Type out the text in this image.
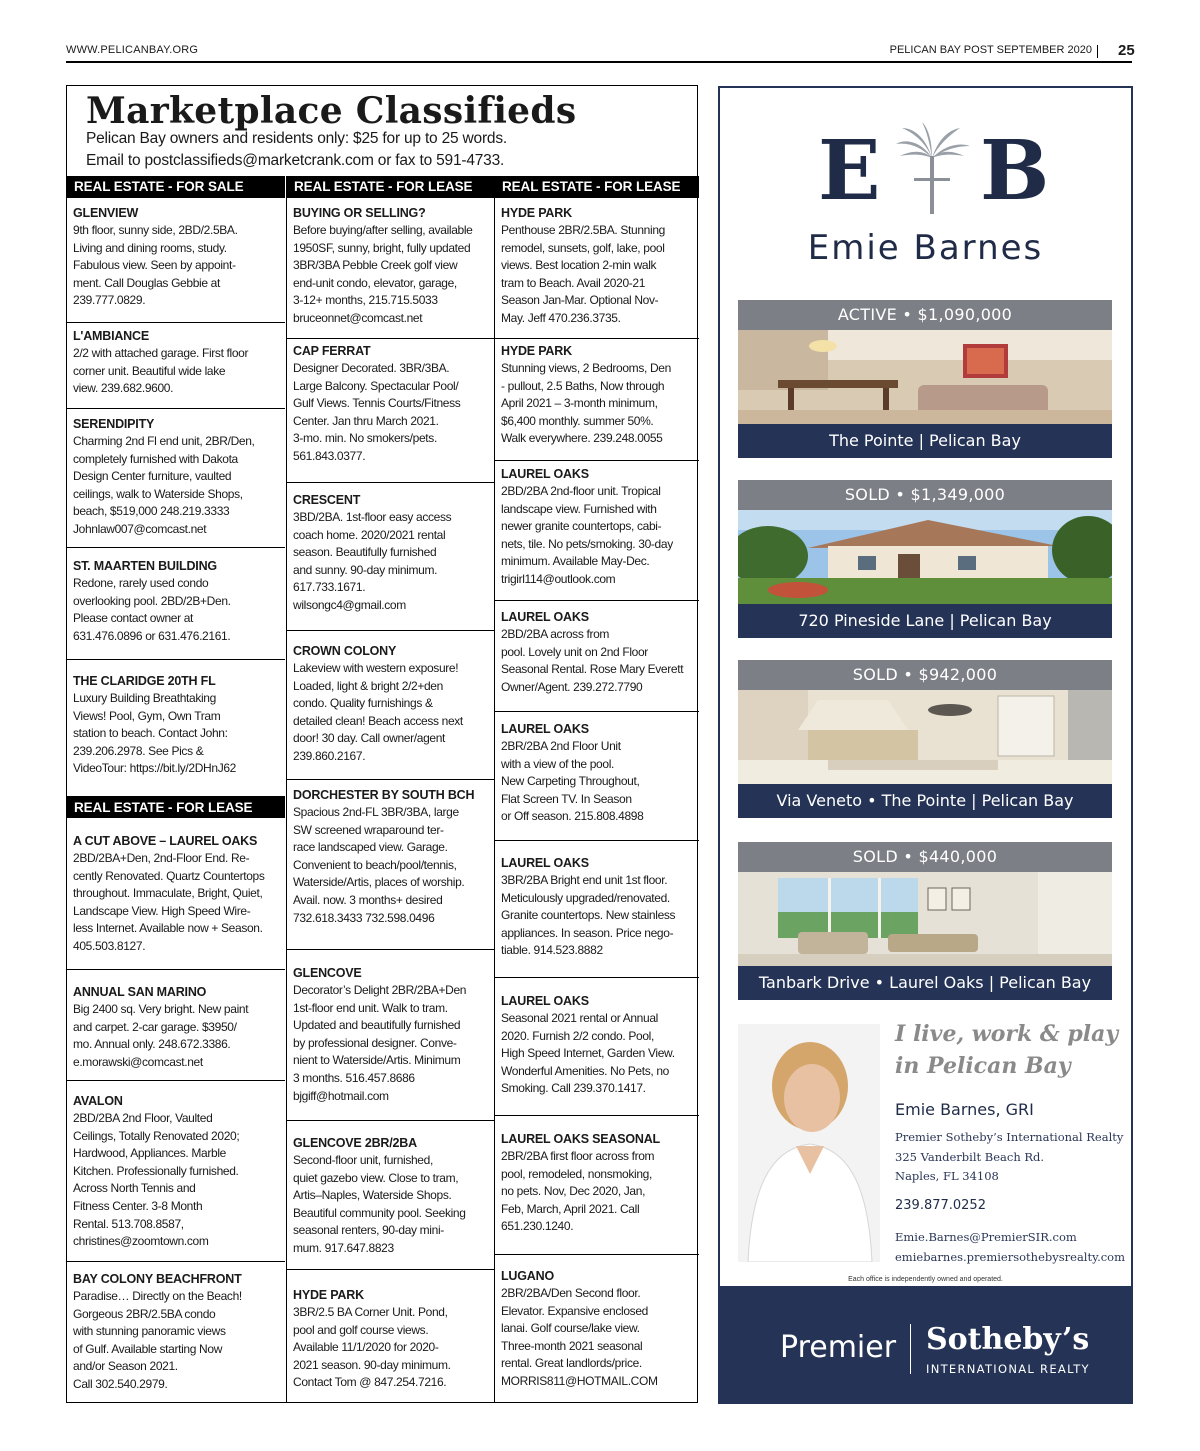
WWW.PELICANBAY.ORG	PELICAN BAY POST SEPTEMBER 2020 25
Marketplace Classifieds
Pelican Bay owners and residents only: $25 for up to 25 words.
Email to postclassifieds@marketcrank.com or fax to 591-4733.
REAL ESTATE - FOR SALE
GLENVIEW

9th floor, sunny side, 2BD/2.5BA.
Living and dining rooms, study.
Fabulous view. Seen by appoint-
ment. Call Douglas Gebbie at
239.777.0829.

L'AMBIANCE

2/2 with attached garage. First floor
corner unit. Beautiful wide lake
view. 239.682.9600.

SERENDIPITY

Charming 2nd Fl end unit, 2BR/Den,
completely furnished with Dakota
Design Center furniture, vaulted
ceilings, walk to Waterside Shops,
beach, $519,000 248.219.3333
Johnlaw007@comcast.net

ST. MAARTEN BUILDING

Redone, rarely used condo
overlooking pool. 2BD/2B+Den.
Please contact owner at
631.476.0896 or 631.476.2161.

THE CLARIDGE 20TH FL

Luxury Building Breathtaking
Views! Pool, Gym, Own Tram
station to beach. Contact John:
239.206.2978. See Pics &
VideoTour: https://bit.ly/2DHnJ62

REAL ESTATE - FOR LEASE
A CUT ABOVE – LAUREL OAKS

2BD/2BA+Den, 2nd-Floor End. Re-
cently Renovated. Quartz Countertops
throughout. Immaculate, Bright, Quiet,
Landscape View. High Speed Wire-
less Internet. Available now + Season.
405.503.8127.

ANNUAL SAN MARINO

Big 2400 sq. Very bright. New paint
and carpet. 2-car garage. $3950/
mo. Annual only. 248.672.3386.
e.morawski@comcast.net

AVALON

2BD/2BA 2nd Floor, Vaulted
Ceilings, Totally Renovated 2020;
Hardwood, Appliances. Marble
Kitchen. Professionally furnished.
Across North Tennis and
Fitness Center. 3-8 Month
Rental. 513.708.8587,
christines@zoomtown.com

BAY COLONY BEACHFRONT

Paradise… Directly on the Beach!
Gorgeous 2BR/2.5BA condo
with stunning panoramic views
of Gulf. Available starting Now
and/or Season 2021.
Call 302.540.2979.

REAL ESTATE - FOR LEASE
BUYING OR SELLING?

Before buying/after selling, available
1950SF, sunny, bright, fully updated
3BR/3BA Pebble Creek golf view
end-unit condo, elevator, garage,
3-12+ months, 215.715.5033
bruceonnet@comcast.net

CAP FERRAT

Designer Decorated. 3BR/3BA.
Large Balcony. Spectacular Pool/
Gulf Views. Tennis Courts/Fitness
Center. Jan thru March 2021.
3-mo. min. No smokers/pets.
561.843.0377.

CRESCENT

3BD/2BA. 1st-floor easy access
coach home. 2020/2021 rental
season. Beautifully furnished
and sunny. 90-day minimum.
617.733.1671.
wilsongc4@gmail.com

CROWN COLONY

Lakeview with western exposure!
Loaded, light & bright 2/2+den
condo. Quality furnishings &
detailed clean! Beach access next
door! 30 day. Call owner/agent
239.860.2167.

DORCHESTER BY SOUTH BCH

Spacious 2nd-FL 3BR/3BA, large
SW screened wraparound ter-
race landscaped view. Garage.
Convenient to beach/pool/tennis,
Waterside/Artis, places of worship.
Avail. now. 3 months+ desired
732.618.3433 732.598.0496

GLENCOVE

Decorator’s Delight 2BR/2BA+Den
1st-floor end unit. Walk to tram.
Updated and beautifully furnished
by professional designer. Conve-
nient to Waterside/Artis. Minimum
3 months. 516.457.8686
bjgiff@hotmail.com

GLENCOVE 2BR/2BA

Second-floor unit, furnished,
quiet gazebo view. Close to tram,
Artis–Naples, Waterside Shops.
Beautiful community pool. Seeking
seasonal renters, 90-day mini-
mum. 917.647.8823

HYDE PARK

3BR/2.5 BA Corner Unit. Pond,
pool and golf course views.
Available 11/1/2020 for 2020-
2021 season. 90-day minimum.
Contact Tom @ 847.254.7216.

REAL ESTATE - FOR LEASE
HYDE PARK

Penthouse 2BR/2.5BA. Stunning
remodel, sunsets, golf, lake, pool
views. Best location 2-min walk
tram to Beach. Avail 2020-21
Season Jan-Mar. Optional Nov-
May. Jeff 470.236.3735.

HYDE PARK

Stunning views, 2 Bedrooms, Den
- pullout, 2.5 Baths, Now through
April 2021 – 3-month minimum,
$6,400 monthly. summer 50%.
Walk everywhere. 239.248.0055

LAUREL OAKS

2BD/2BA 2nd-floor unit. Tropical
landscape view. Furnished with
newer granite countertops, cabi-
nets, tile. No pets/smoking. 30-day
minimum. Available May-Dec.
trigirl114@outlook.com

LAUREL OAKS

2BD/2BA across from
pool. Lovely unit on 2nd Floor
Seasonal Rental. Rose Mary Everett
Owner/Agent. 239.272.7790

LAUREL OAKS

2BR/2BA 2nd Floor Unit
with a view of the pool.
New Carpeting Throughout,
Flat Screen TV. In Season
or Off season. 215.808.4898

LAUREL OAKS

3BR/2BA Bright end unit 1st floor.
Meticulously upgraded/renovated.
Granite countertops. New stainless
appliances. In season. Price nego-
tiable. 914.523.8882

LAUREL OAKS

Seasonal 2021 rental or Annual
2020. Furnish 2/2 condo. Pool,
High Speed Internet, Garden View.
Wonderful Amenities. No Pets, no
Smoking. Call 239.370.1417.

LAUREL OAKS SEASONAL

2BR/2BA first floor across from
pool, remodeled, nonsmoking,
no pets. Nov, Dec 2020, Jan,
Feb, March, April 2021. Call
651.230.1240.

LUGANO

2BR/2BA/Den Second floor.
Elevator. Expansive enclosed
lanai. Golf course/lake view.
Three-month 2021 seasonal
rental. Great landlords/price.
MORRIS811@HOTMAIL.COM

E B
Emie Barnes
ACTIVE • $1,090,000
The Pointe | Pelican Bay
SOLD • $1,349,000
720 Pineside Lane | Pelican Bay
SOLD • $942,000
Via Veneto • The Pointe | Pelican Bay
SOLD • $440,000
Tanbark Drive • Laurel Oaks | Pelican Bay

I live, work & play
in Pelican Bay

Emie Barnes, GRI
Premier Sotheby’s International Realty
325 Vanderbilt Beach Rd.
Naples, FL 34108
239.877.0252
Emie.Barnes@PremierSIR.com
emiebarnes.premiersothebysrealty.com
Each office is independently owned and operated.
Premier Sotheby’s
INTERNATIONAL REALTY
